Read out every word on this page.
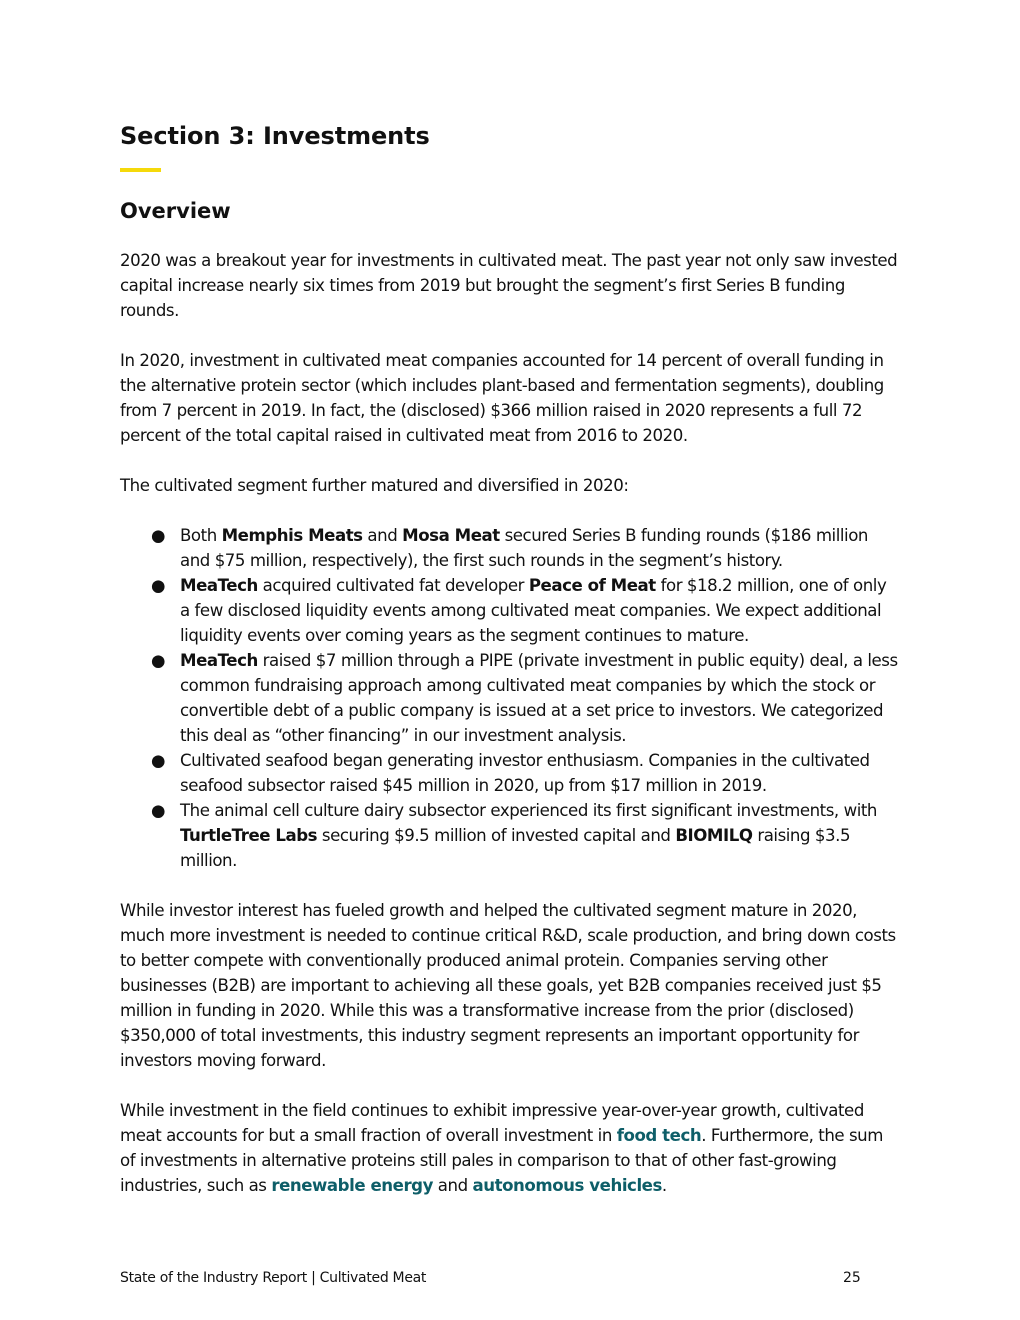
Section 3: Investments
Overview

2020 was a breakout year for investments in cultivated meat. The past year not only saw invested capital increase nearly six times from 2019 but brought the segment’s first Series B funding rounds.

In 2020, investment in cultivated meat companies accounted for 14 percent of overall funding in the alternative protein sector (which includes plant-based and fermentation segments), doubling from 7 percent in 2019. In fact, the (disclosed) $366 million raised in 2020 represents a full 72 percent of the total capital raised in cultivated meat from 2016 to 2020.

The cultivated segment further matured and diversified in 2020:

● Both Memphis Meats and Mosa Meat secured Series B funding rounds ($186 million and $75 million, respectively), the first such rounds in the segment’s history.
● MeaTech acquired cultivated fat developer Peace of Meat for $18.2 million, one of only a few disclosed liquidity events among cultivated meat companies. We expect additional liquidity events over coming years as the segment continues to mature.
● MeaTech raised $7 million through a PIPE (private investment in public equity) deal, a less common fundraising approach among cultivated meat companies by which the stock or convertible debt of a public company is issued at a set price to investors. We categorized this deal as “other financing” in our investment analysis.
● Cultivated seafood began generating investor enthusiasm. Companies in the cultivated seafood subsector raised $45 million in 2020, up from $17 million in 2019.
● The animal cell culture dairy subsector experienced its first significant investments, with TurtleTree Labs securing $9.5 million of invested capital and BIOMILQ raising $3.5 million.

While investor interest has fueled growth and helped the cultivated segment mature in 2020, much more investment is needed to continue critical R&D, scale production, and bring down costs to better compete with conventionally produced animal protein. Companies serving other businesses (B2B) are important to achieving all these goals, yet B2B companies received just $5 million in funding in 2020. While this was a transformative increase from the prior (disclosed) $350,000 of total investments, this industry segment represents an important opportunity for investors moving forward.

While investment in the field continues to exhibit impressive year-over-year growth, cultivated meat accounts for but a small fraction of overall investment in food tech. Furthermore, the sum of investments in alternative proteins still pales in comparison to that of other fast-growing industries, such as renewable energy and autonomous vehicles.

State of the Industry Report | Cultivated Meat	25
